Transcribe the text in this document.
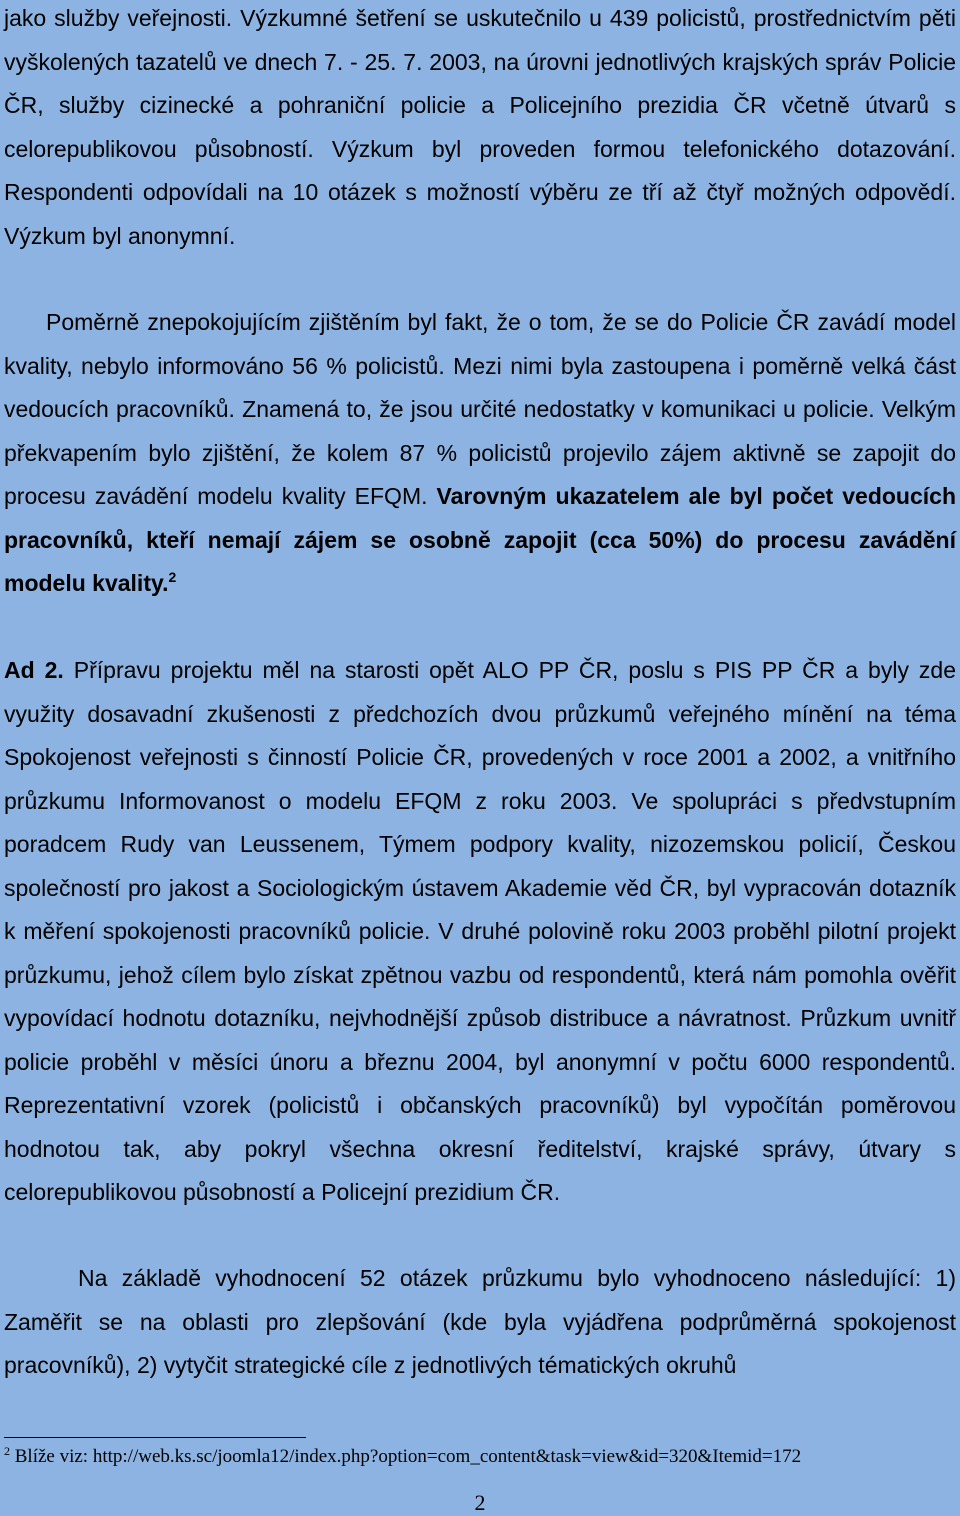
jako služby veřejnosti. Výzkumné šetření se uskutečnilo u 439 policistů, prostřednictvím pěti vyškolených tazatelů ve dnech 7. - 25. 7. 2003, na úrovni jednotlivých krajských správ Policie ČR, služby cizinecké a pohraniční policie a Policejního prezidia ČR včetně útvarů s celorepublikovou působností. Výzkum byl proveden formou telefonického dotazování. Respondenti odpovídali na 10 otázek s možností výběru ze tří až čtyř možných odpovědí. Výzkum byl anonymní.

Poměrně znepokojujícím zjištěním byl fakt, že o tom, že se do Policie ČR zavádí model kvality, nebylo informováno 56 % policistů. Mezi nimi byla zastoupena i poměrně velká část vedoucích pracovníků. Znamená to, že jsou určité nedostatky v komunikaci u policie. Velkým překvapením bylo zjištění, že kolem 87 % policistů projevilo zájem aktivně se zapojit do procesu zavádění modelu kvality EFQM. Varovným ukazatelem ale byl počet vedoucích pracovníků, kteří nemají zájem se osobně zapojit (cca 50%) do procesu zavádění modelu kvality.$^2$

Ad 2. Přípravu projektu měl na starosti opět ALO PP ČR, poslu s PIS PP ČR a byly zde využity dosavadní zkušenosti z předchozích dvou průzkumů veřejného mínění na téma Spokojenost veřejnosti s činností Policie ČR, provedených v roce 2001 a 2002, a vnitřního průzkumu Informovanost o modelu EFQM z roku 2003. Ve spolupráci s předvstupním poradcem Rudy van Leussenem, Týmem podpory kvality, nizozemskou policií, Českou společností pro jakost a Sociologickým ústavem Akademie věd ČR, byl vypracován dotazník k měření spokojenosti pracovníků policie. V druhé polovině roku 2003 proběhl pilotní projekt průzkumu, jehož cílem bylo získat zpětnou vazbu od respondentů, která nám pomohla ověřit vypovídací hodnotu dotazníku, nejvhodnější způsob distribuce a návratnost. Průzkum uvnitř policie proběhl v měsíci únoru a březnu 2004, byl anonymní v počtu 6000 respondentů. Reprezentativní vzorek (policistů i občanských pracovníků) byl vypočítán poměrovou hodnotou tak, aby pokryl všechna okresní ředitelství, krajské správy, útvary s celorepublikovou působností a Policejní prezidium ČR.

Na základě vyhodnocení 52 otázek průzkumu bylo vyhodnoceno následující: 1) Zaměřit se na oblasti pro zlepšování (kde byla vyjádřena podprůměrná spokojenost pracovníků), 2) vytyčit strategické cíle z jednotlivých tématických okruhů

$^2$ Blíže viz: http://web.ks.sc/joomla12/index.php?option=com_content&task=view&id=320&Itemid=172
2
